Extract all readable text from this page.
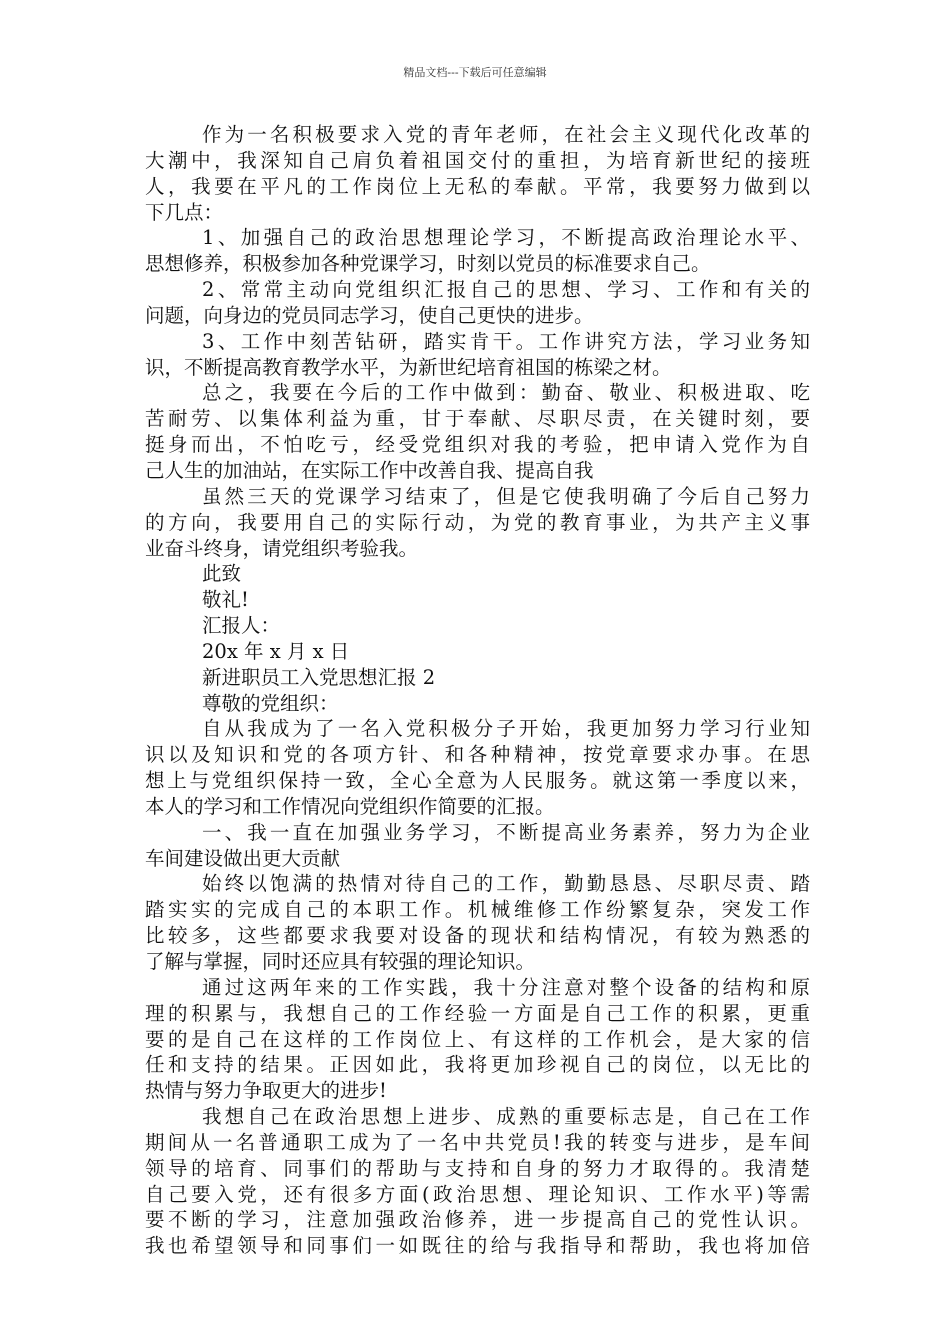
精品文档---下载后可任意编辑
作为一名积极要求入党的青年老师，在社会主义现代化改革的
大潮中，我深知自己肩负着祖国交付的重担，为培育新世纪的接班
人，我要在平凡的工作岗位上无私的奉献。平常，我要努力做到以
下几点：
1、加强自己的政治思想理论学习，不断提高政治理论水平、
思想修养，积极参加各种党课学习，时刻以党员的标准要求自己。
2、常常主动向党组织汇报自己的思想、学习、工作和有关的
问题，向身边的党员同志学习，使自己更快的进步。
3、工作中刻苦钻研，踏实肯干。工作讲究方法，学习业务知
识，不断提高教育教学水平，为新世纪培育祖国的栋梁之材。
总之，我要在今后的工作中做到：勤奋、敬业、积极进取、吃
苦耐劳、以集体利益为重，甘于奉献、尽职尽责，在关键时刻，要
挺身而出，不怕吃亏，经受党组织对我的考验，把申请入党作为自
己人生的加油站，在实际工作中改善自我、提高自我
虽然三天的党课学习结束了，但是它使我明确了今后自己努力
的方向，我要用自己的实际行动，为党的教育事业，为共产主义事
业奋斗终身，请党组织考验我。
此致
敬礼!
汇报人：
20x 年 x 月 x 日
新进职员工入党思想汇报 2
尊敬的党组织：
自从我成为了一名入党积极分子开始，我更加努力学习行业知
识以及知识和党的各项方针、和各种精神，按党章要求办事。在思
想上与党组织保持一致，全心全意为人民服务。就这第一季度以来，
本人的学习和工作情况向党组织作简要的汇报。
一、我一直在加强业务学习，不断提高业务素养，努力为企业
车间建设做出更大贡献
始终以饱满的热情对待自己的工作，勤勤恳恳、尽职尽责、踏
踏实实的完成自己的本职工作。机械维修工作纷繁复杂，突发工作
比较多，这些都要求我要对设备的现状和结构情况，有较为熟悉的
了解与掌握，同时还应具有较强的理论知识。
通过这两年来的工作实践，我十分注意对整个设备的结构和原
理的积累与，我想自己的工作经验一方面是自己工作的积累，更重
要的是自己在这样的工作岗位上、有这样的工作机会，是大家的信
任和支持的结果。正因如此，我将更加珍视自己的岗位，以无比的
热情与努力争取更大的进步!
我想自己在政治思想上进步、成熟的重要标志是，自己在工作
期间从一名普通职工成为了一名中共党员!我的转变与进步，是车间
领导的培育、同事们的帮助与支持和自身的努力才取得的。我清楚
自己要入党，还有很多方面(政治思想、理论知识、工作水平)等需
要不断的学习，注意加强政治修养，进一步提高自己的党性认识。
我也希望领导和同事们一如既往的给与我指导和帮助，我也将加倍
